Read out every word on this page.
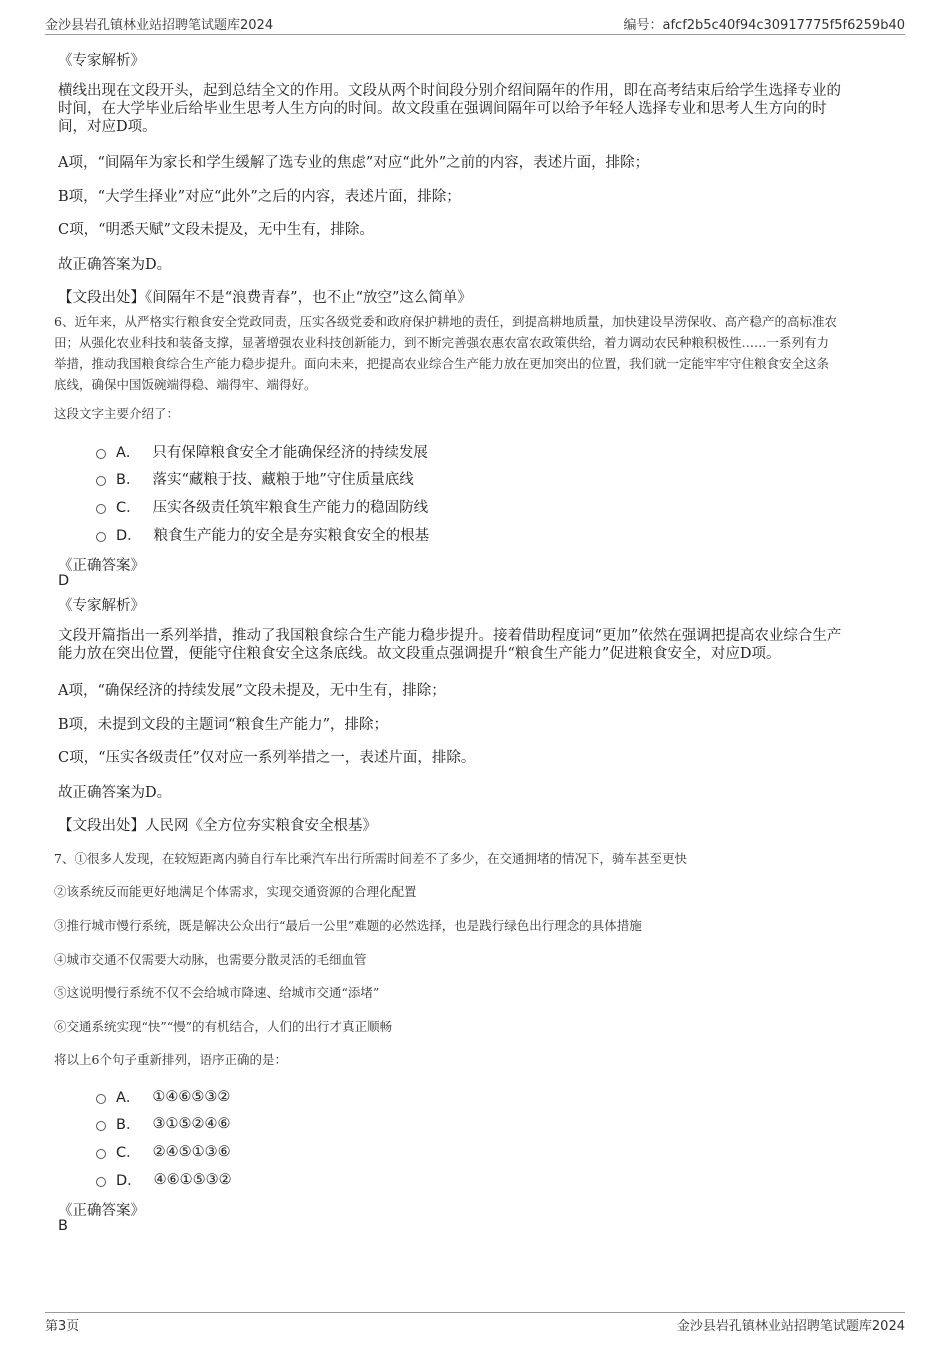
金沙县岩孔镇林业站招聘笔试题库2024	编号：afcf2b5c40f94c30917775f5f6259b40
《专家解析》
横线出现在文段开头，起到总结全文的作用。文段从两个时间段分别介绍间隔年的作用，即在高考结束后给学生选择专业的
时间，在大学毕业后给毕业生思考人生方向的时间。故文段重在强调间隔年可以给予年轻人选择专业和思考人生方向的时
间，对应D项。
A项，“间隔年为家长和学生缓解了选专业的焦虑”对应“此外”之前的内容，表述片面，排除；
B项，“大学生择业”对应“此外”之后的内容，表述片面，排除；
C项，“明悉天赋”文段未提及，无中生有，排除。
故正确答案为D。
【文段出处】《间隔年不是“浪费青春”，也不止“放空”这么简单》
6、近年来，从严格实行粮食安全党政同责，压实各级党委和政府保护耕地的责任，到提高耕地质量，加快建设旱涝保收、高产稳产的高标准农
田；从强化农业科技和装备支撑，显著增强农业科技创新能力，到不断完善强农惠农富农政策供给，着力调动农民种粮积极性……一系列有力
举措，推动我国粮食综合生产能力稳步提升。面向未来，把提高农业综合生产能力放在更加突出的位置，我们就一定能牢牢守住粮食安全这条
底线，确保中国饭碗端得稳、端得牢、端得好。
这段文字主要介绍了：
A． 只有保障粮食安全才能确保经济的持续发展
B． 落实“藏粮于技、藏粮于地”守住质量底线
C． 压实各级责任筑牢粮食生产能力的稳固防线
D． 粮食生产能力的安全是夯实粮食安全的根基
《正确答案》
D
《专家解析》
文段开篇指出一系列举措，推动了我国粮食综合生产能力稳步提升。接着借助程度词“更加”依然在强调把提高农业综合生产
能力放在突出位置，便能守住粮食安全这条底线。故文段重点强调提升“粮食生产能力”促进粮食安全，对应D项。
A项，“确保经济的持续发展”文段未提及，无中生有，排除；
B项，未提到文段的主题词“粮食生产能力”，排除；
C项，“压实各级责任”仅对应一系列举措之一，表述片面，排除。
故正确答案为D。
【文段出处】人民网《全方位夯实粮食安全根基》
7、①很多人发现，在较短距离内骑自行车比乘汽车出行所需时间差不了多少，在交通拥堵的情况下，骑车甚至更快
②该系统反而能更好地满足个体需求，实现交通资源的合理化配置
③推行城市慢行系统，既是解决公众出行“最后一公里”难题的必然选择，也是践行绿色出行理念的具体措施
④城市交通不仅需要大动脉，也需要分散灵活的毛细血管
⑤这说明慢行系统不仅不会给城市降速、给城市交通“添堵”
⑥交通系统实现“快”“慢”的有机结合，人们的出行才真正顺畅
将以上6个句子重新排列，语序正确的是：
A． ①④⑥⑤③②
B． ③①⑤②④⑥
C． ②④⑤①③⑥
D． ④⑥①⑤③②
《正确答案》
B
第3页	金沙县岩孔镇林业站招聘笔试题库2024
